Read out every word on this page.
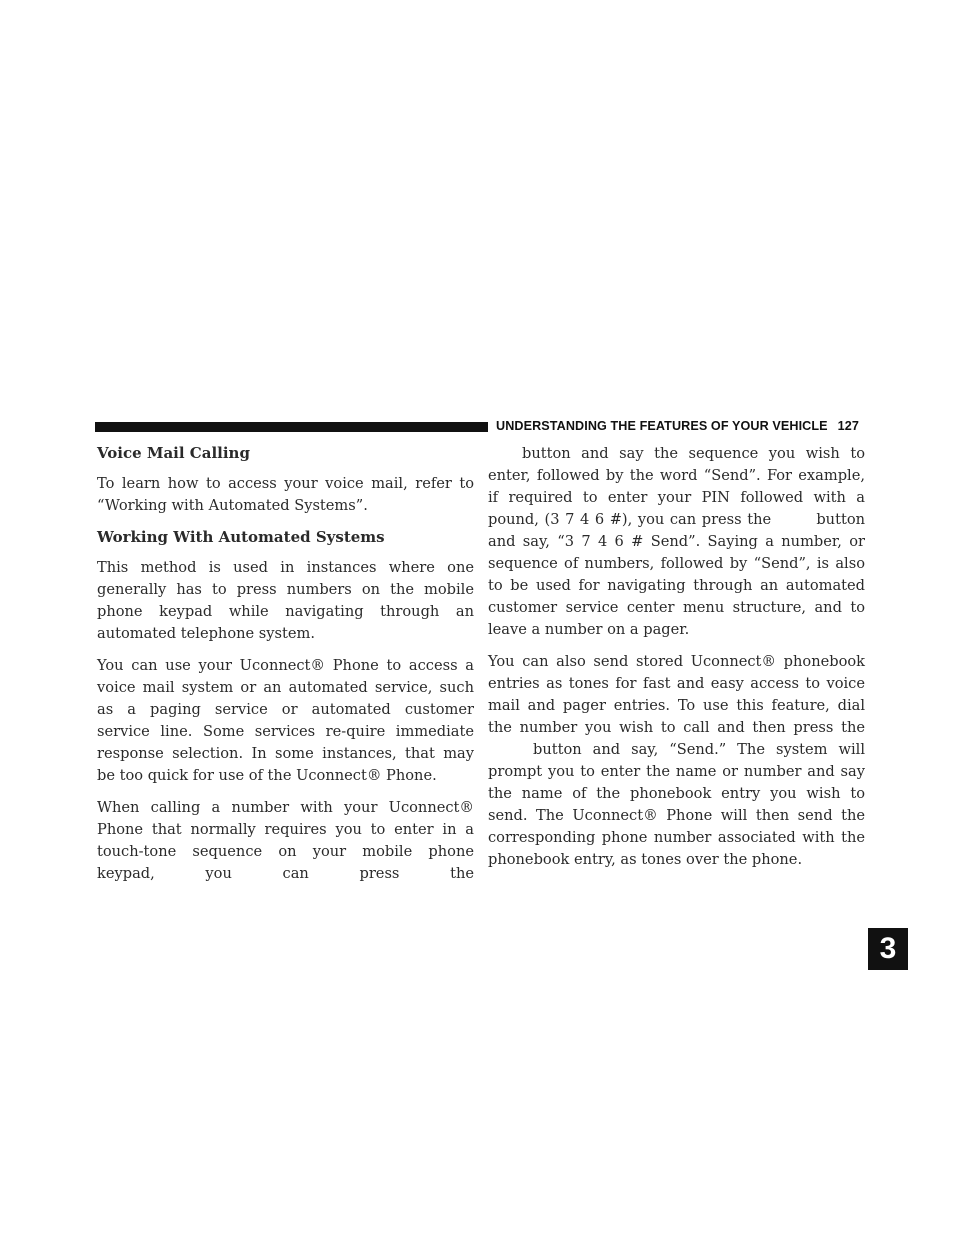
UNDERSTANDING THE FEATURES OF YOUR VEHICLE 127
3
Voice Mail Calling

To learn how to access your voice mail, refer to “Working with Automated Systems”.

Working With Automated Systems

This method is used in instances where one generally has to press numbers on the mobile phone keypad while navigating through an automated telephone system.

You can use your Uconnect® Phone to access a voice mail system or an automated service, such as a paging service or automated customer service line. Some services re-quire immediate response selection. In some instances, that may be too quick for use of the Uconnect® Phone.

When calling a number with your Uconnect® Phone that normally requires you to enter in a touch-tone sequence on your mobile phone keypad, you can press the

button and say the sequence you wish to enter, followed by the word “Send”. For example, if required to enter your PIN followed with a pound, (3 7 4 6 #), you can press the	button and say, “3 7 4 6 # Send”. Saying a number, or sequence of numbers, followed by “Send”, is also to be used for navigating through an automated customer service center menu structure, and to leave a number on a pager.

You can also send stored Uconnect® phonebook entries as tones for fast and easy access to voice mail and pager entries. To use this feature, dial the number you wish to call and then press the  button and say, “Send.” The system will prompt you to enter the name or number and say the name of the phonebook entry you wish to send. The Uconnect® Phone will then send the corresponding phone number associated with the phonebook entry, as tones over the phone.
